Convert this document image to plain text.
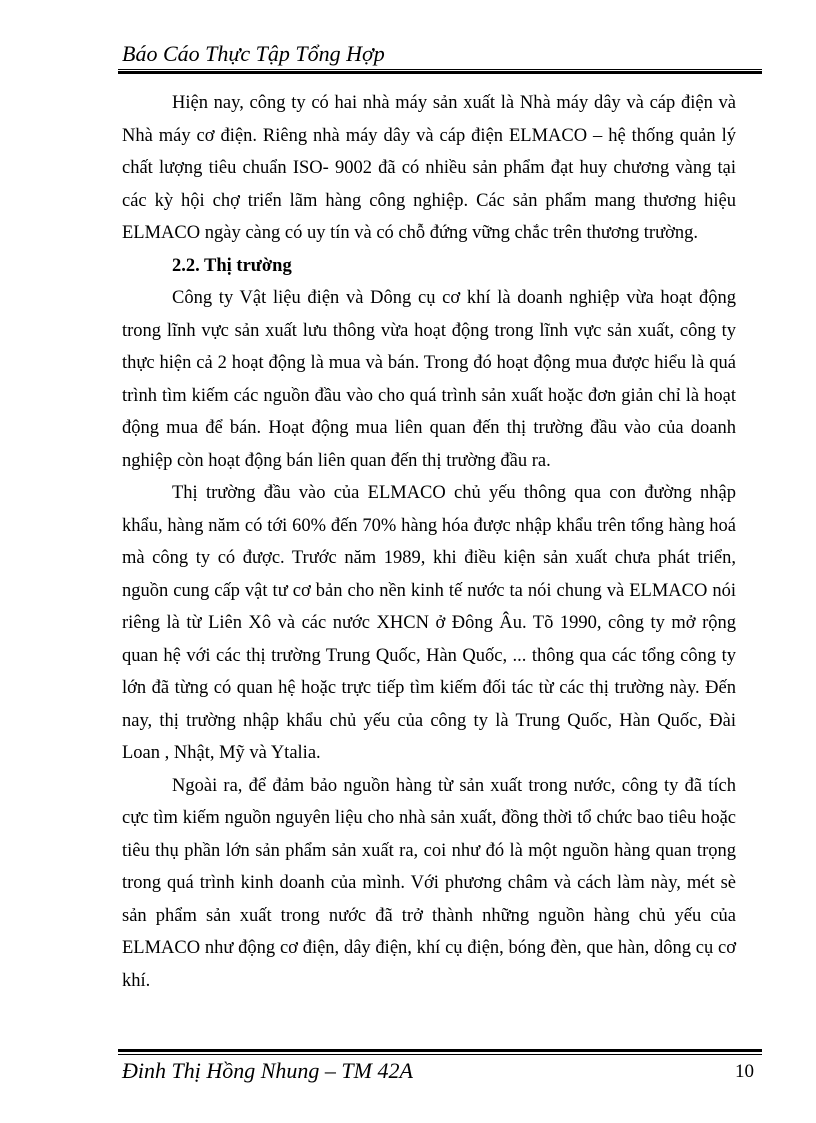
Báo Cáo Thực Tập Tổng Hợp

Hiện nay, công ty có hai nhà máy sản xuất là Nhà máy dây và cáp điện và Nhà máy cơ điện. Riêng nhà máy dây và cáp điện ELMACO – hệ thống quản lý chất lượng tiêu chuẩn ISO- 9002 đã có nhiều sản phẩm đạt huy chương vàng tại các kỳ hội chợ triển lãm hàng công nghiệp. Các sản phẩm mang thương hiệu ELMACO ngày càng có uy tín và có chỗ đứng vững chắc trên thương trường.

2.2. Thị trường

Công ty Vật liệu điện và Dông cụ cơ khí là doanh nghiệp vừa hoạt động trong lĩnh vực sản xuất lưu thông vừa hoạt động trong lĩnh vực sản xuất, công ty thực hiện cả 2 hoạt động là mua và bán. Trong đó hoạt động mua được hiểu là quá trình tìm kiếm các nguồn đầu vào cho quá trình sản xuất hoặc đơn giản chỉ là hoạt động mua để bán. Hoạt động mua liên quan đến thị trường đầu vào của doanh nghiệp còn hoạt động bán liên quan đến thị trường đầu ra.

Thị trường đầu vào của ELMACO chủ yếu thông qua con đường nhập khẩu, hàng năm có tới 60% đến 70% hàng hóa được nhập khẩu trên tổng hàng hoá mà công ty có được. Trước năm 1989, khi điều kiện sản xuất chưa phát triển, nguồn cung cấp vật tư cơ bản cho nền kinh tế nước ta nói chung và ELMACO nói riêng là từ Liên Xô và các nước XHCN ở Đông Âu. Tõ 1990, công ty mở rộng quan hệ với các thị trường Trung Quốc, Hàn Quốc, ... thông qua các tổng công ty lớn đã từng có quan hệ hoặc trực tiếp tìm kiếm đối tác từ các thị trường này. Đến nay, thị trường nhập khẩu chủ yếu của công ty là Trung Quốc, Hàn Quốc, Đài Loan , Nhật, Mỹ và Ytalia.

Ngoài ra, để đảm bảo nguồn hàng từ sản xuất trong nước, công ty đã tích cực tìm kiếm nguồn nguyên liệu cho nhà sản xuất, đồng thời tổ chức bao tiêu hoặc tiêu thụ phần lớn sản phẩm sản xuất ra, coi như đó là một nguồn hàng quan trọng trong quá trình kinh doanh của mình. Với phương châm và cách làm này, mét sè sản phẩm sản xuất trong nước đã trở thành những nguồn hàng chủ yếu của ELMACO như động cơ điện, dây điện, khí cụ điện, bóng đèn, que hàn, dông cụ cơ khí.

Đinh Thị Hồng Nhung – TM 42A	10
